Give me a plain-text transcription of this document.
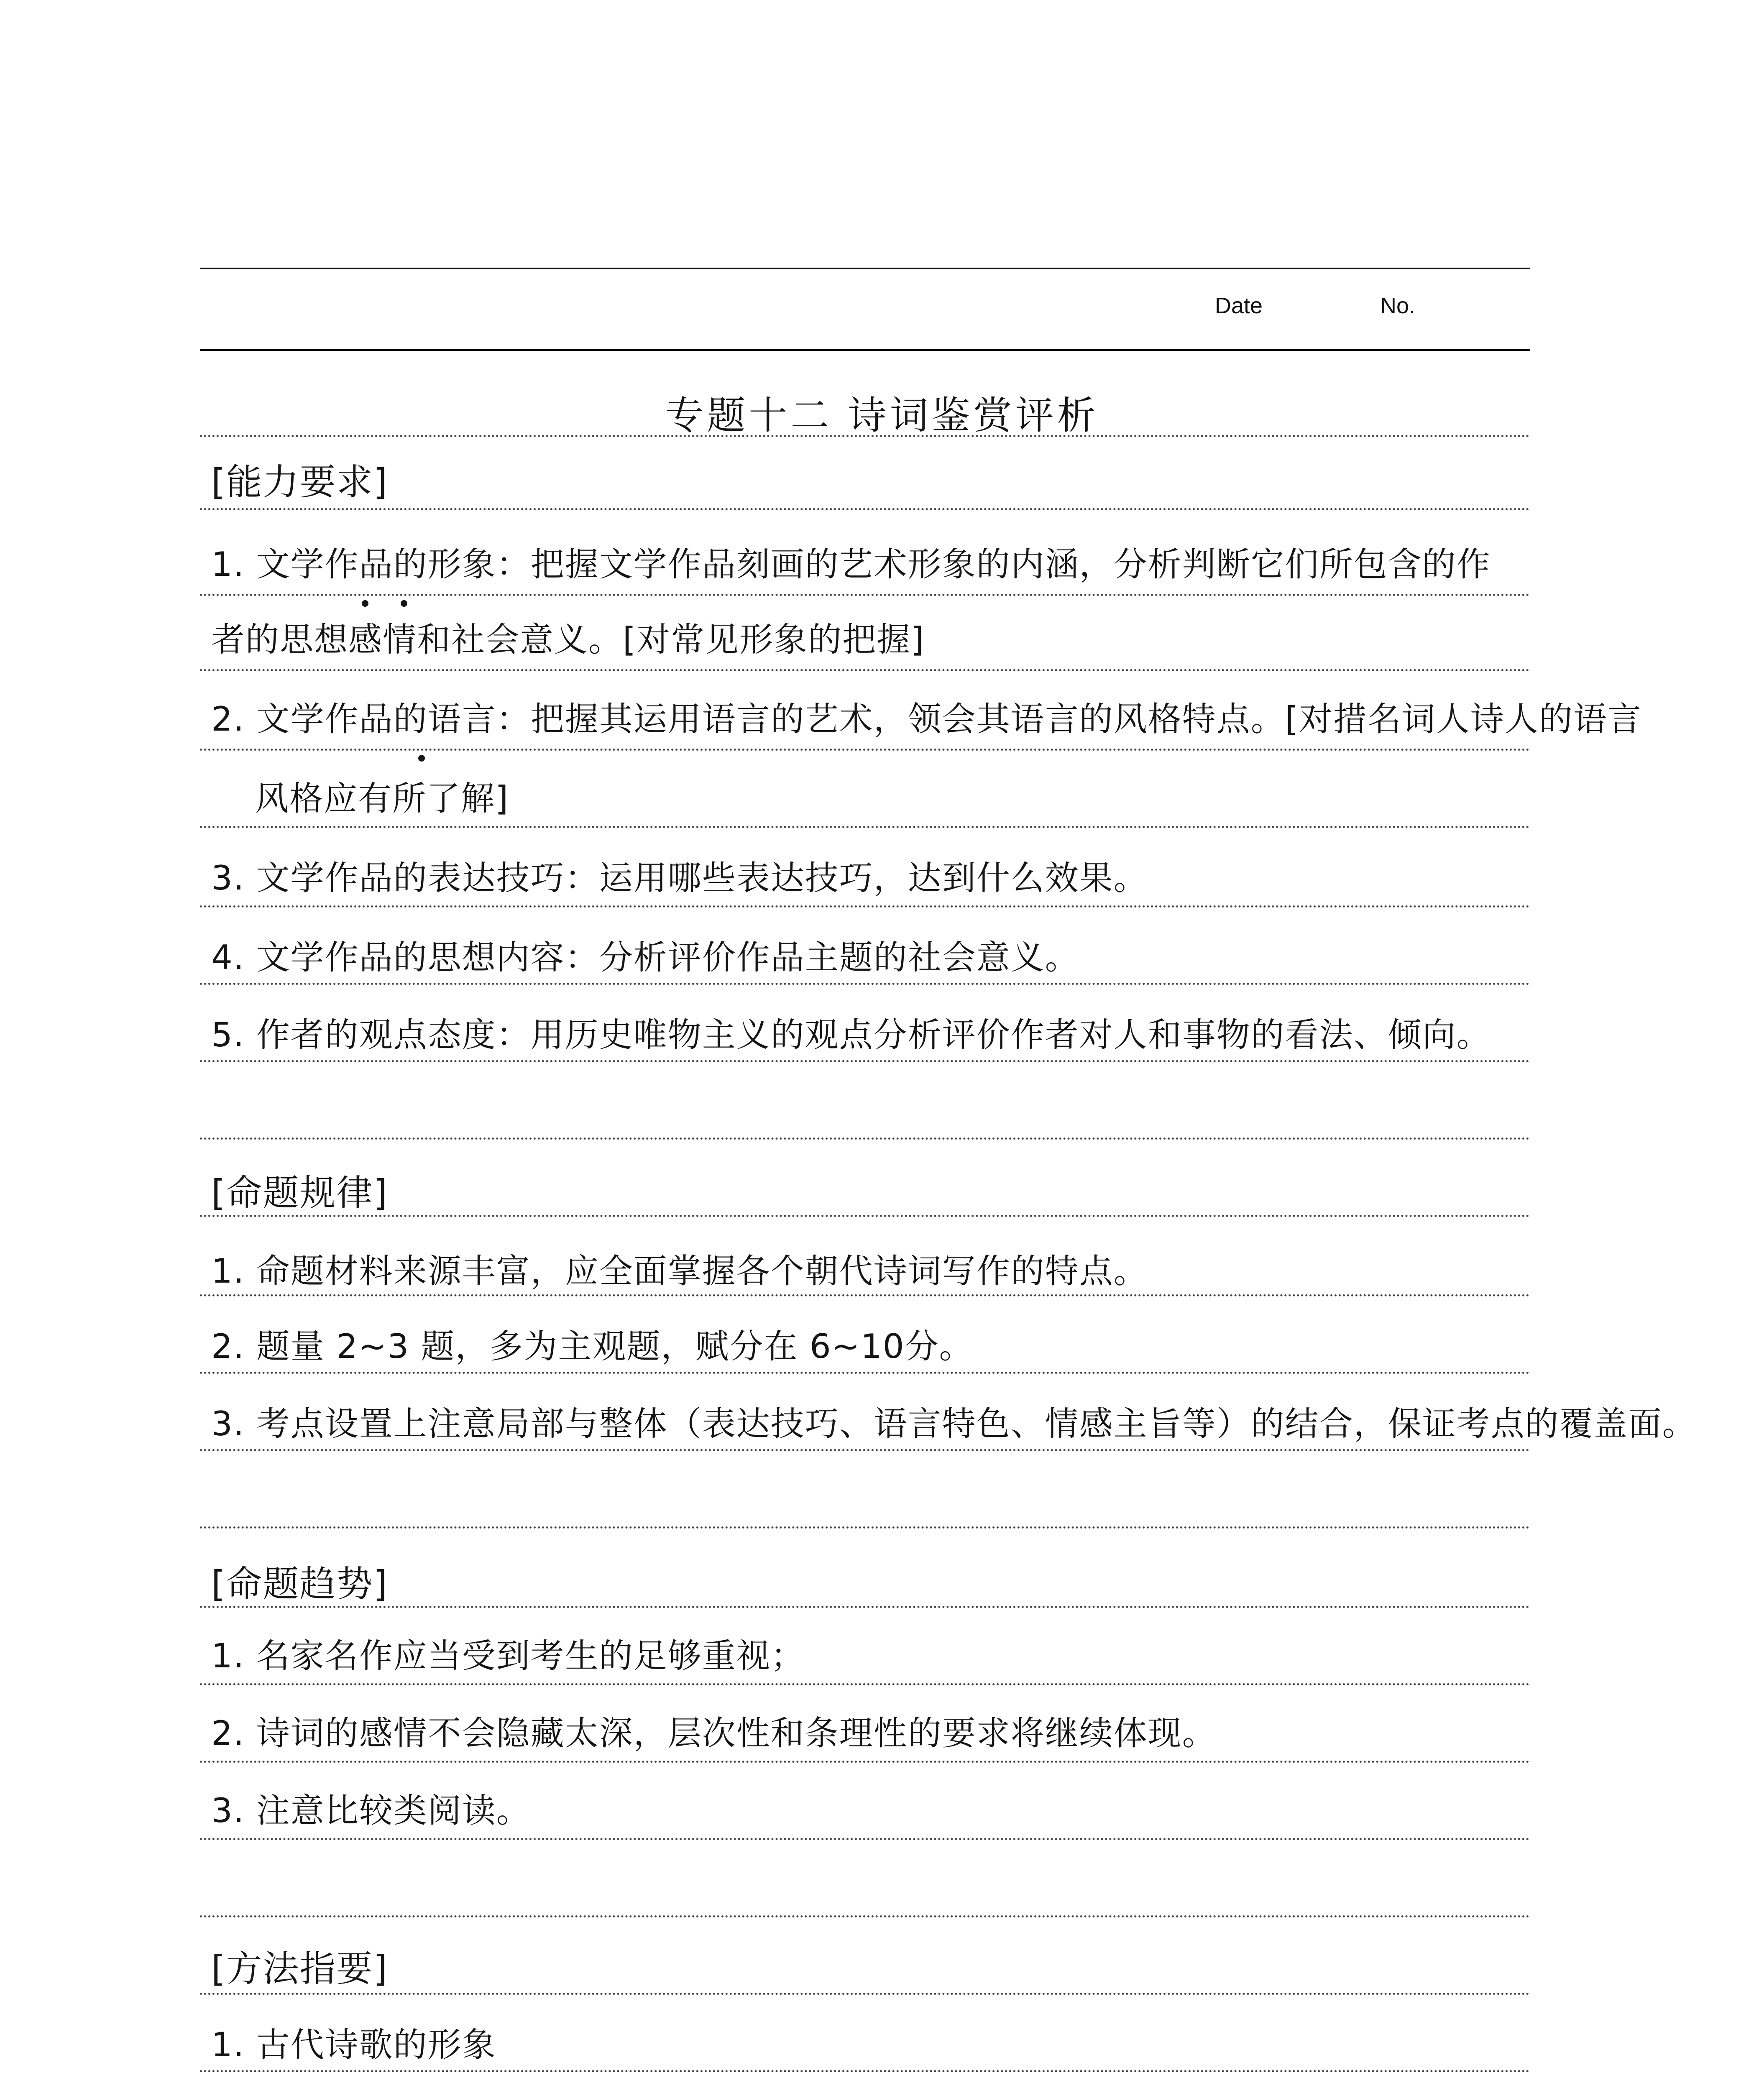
Date	No.
专题十二 诗词鉴赏评析
[能力要求]
1. 文学作品的形象：把握文学作品刻画的艺术形象的内涵，分析判断它们所包含的作
者的思想感情和社会意义。[对常见形象的把握]
2. 文学作品的语言：把握其运用语言的艺术，领会其语言的风格特点。[对措名词人诗人的语言
风格应有所了解]
3. 文学作品的表达技巧：运用哪些表达技巧，达到什么效果。
4. 文学作品的思想内容：分析评价作品主题的社会意义。
5. 作者的观点态度：用历史唯物主义的观点分析评价作者对人和事物的看法、倾向。
[命题规律]
1. 命题材料来源丰富，应全面掌握各个朝代诗词写作的特点。
2. 题量 2~3 题，多为主观题，赋分在 6~10分。
3. 考点设置上注意局部与整体（表达技巧、语言特色、情感主旨等）的结合，保证考点的覆盖面。
[命题趋势]
1. 名家名作应当受到考生的足够重视；
2. 诗词的感情不会隐藏太深，层次性和条理性的要求将继续体现。
3. 注意比较类阅读。
[方法指要]
1. 古代诗歌的形象
